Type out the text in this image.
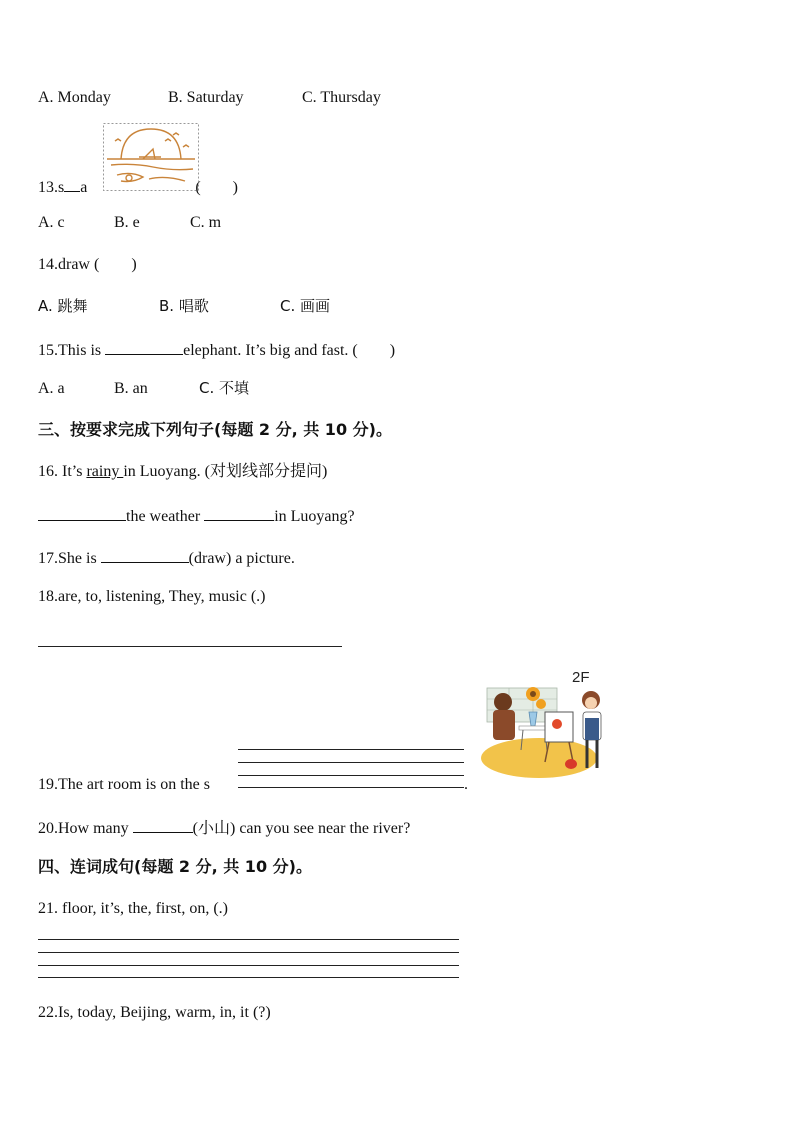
A. Monday	B. Saturday	C. Thursday
13.s a	(　　)
A. c	B. e	C. m
14.draw (　　)
A. 跳舞	B. 唱歌	C. 画画
15.This is	elephant. It’s big and fast. (　　)
A. a	B. an	C. 不填
三、按要求完成下列句子(每题 2 分, 共 10 分)。
16. It’s rainy in Luoyang. (对划线部分提问)
the weather	in Luoyang?
17.She is	(draw) a picture.
18.are, to, listening, They, music (.)
19.The art room is on the s	.
2F
20.How many	(小山) can you see near the river?
四、连词成句(每题 2 分, 共 10 分)。
21. floor, it’s, the, first, on, (.)
22.Is, today, Beijing, warm, in, it (?)
